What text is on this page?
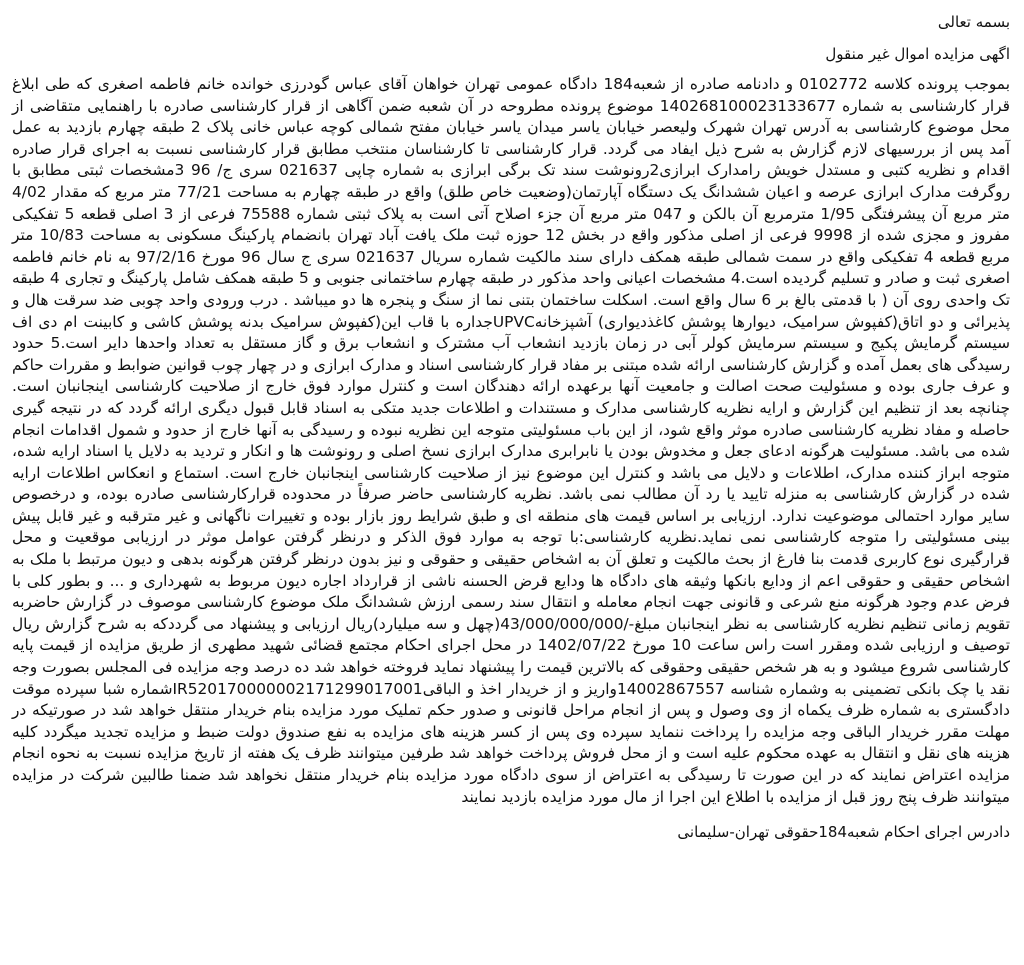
بسمه تعالی

اگهی مزایده اموال غیر منقول

بموجب پرونده کلاسه 0102772 و دادنامه صادره از شعبه184 دادگاه عمومی تهران خواهان آقای عباس گودرزی خوانده خانم فاطمه اصغری که طی ابلاغ قرار کارشناسی به شماره 140268100023133677 موضوع پرونده مطروحه در آن شعبه ضمن آگاهی از قرار کارشناسی صادره با راهنمایی متقاضی از محل موضوع کارشناسی به آدرس تهران شهرک ولیعصر خیابان یاسر میدان یاسر خیابان مفتح شمالی کوچه عباس خانی پلاک 2 طبقه چهارم بازدید به عمل آمد پس از بررسیهای لازم گزارش به شرح ذیل ایفاد می گردد. قرار کارشناسی تا کارشناسان منتخب مطابق قرار کارشناسی نسبت به اجرای قرار صادره اقدام و نظریه کتبی و مستدل خویش رامدارک ابرازی2رونوشت سند تک برگی ابرازی به شماره چاپی 021637 سری ج/ 96 3مشخصات ثبتی مطابق با روگرفت مدارک ابرازی عرصه و اعیان ششدانگ یک دستگاه آپارتمان(وضعیت خاص طلق) واقع در طبقه چهارم به مساحت 77/21 متر مربع که مقدار 4/02 متر مربع آن پیشرفتگی 1/95 مترمربع آن بالکن و 047 متر مربع آن جزء اصلاح آتی است به پلاک ثبتی شماره 75588 فرعی از 3 اصلی قطعه 5 تفکیکی مفروز و مجزی شده از 9998 فرعی از اصلی مذکور واقع در بخش 12 حوزه ثبت ملک یافت آباد تهران بانضمام پارکینگ مسکونی به مساحت 10/83 متر مربع قطعه 4 تفکیکی واقع در سمت شمالی طبقه همکف دارای سند مالکیت شماره سریال 021637 سری ج سال 96 مورخ 97/2/16 به نام خانم فاطمه اصغری ثبت و صادر و تسلیم گردیده است.4 مشخصات اعیانی واحد مذکور در طبقه چهارم ساختمانی جنوبی و 5 طبقه همکف شامل پارکینگ و تجاری 4 طبقه تک واحدی روی آن ( با قدمتی بالغ بر 6 سال واقع است. اسکلت ساختمان بتنی نما از سنگ و پنجره ها دو میباشد . درب ورودی واحد چوبی ضد سرقت هال و پذیرائی و دو اتاق(کفپوش سرامیک، دیوارها پوشش کاغذدیواری) آشپزخانهUPVCجداره با قاب این(کفپوش سرامیک بدنه پوشش کاشی و کابینت ام دی اف سیستم گرمایش پکیج و سیستم سرمایش کولر آبی در زمان بازدید انشعاب آب مشترک و انشعاب برق و گاز مستقل به تعداد واحدها دایر است.5 حدود رسیدگی های بعمل آمده و گزارش کارشناسی ارائه شده مبتنی بر مفاد قرار کارشناسی اسناد و مدارک ابرازی و در چهار چوب قوانین ضوابط و مقررات حاکم و عرف جاری بوده و مسئولیت صحت اصالت و جامعیت آنها برعهده ارائه دهندگان است و کنترل موارد فوق خارج از صلاحیت کارشناسی اینجانبان است. چنانچه بعد از تنظیم این گزارش و ارایه نظریه کارشناسی مدارک و مستندات و اطلاعات جدید متکی به اسناد قابل قبول دیگری ارائه گردد که در نتیجه گیری حاصله و مفاد نظریه کارشناسی صادره موثر واقع شود، از این باب مسئولیتی متوجه این نظریه نبوده و رسیدگی به آنها خارج از حدود و شمول اقدامات انجام شده می باشد. مسئولیت هرگونه ادعای جعل و مخدوش بودن یا نابرابری مدارک ابرازی نسخ اصلی و رونوشت ها و انکار و تردید به دلایل یا اسناد ارایه شده، متوجه ابراز کننده مدارک، اطلاعات و دلایل می باشد و کنترل این موضوع نیز از صلاحیت کارشناسی اینجانبان خارج است. استماع و انعکاس اطلاعات ارایه شده در گزارش کارشناسی به منزله تایید یا رد آن مطالب نمی باشد. نظریه کارشناسی حاضر صرفاً در محدوده قرارکارشناسی صادره بوده، و درخصوص سایر موارد احتمالی موضوعیت ندارد. ارزیابی بر اساس قیمت های منطقه ای و طبق شرایط روز بازار بوده و تغییرات ناگهانی و غیر مترقبه و غیر قابل پیش بینی مسئولیتی را متوجه کارشناسی نمی نماید.نظریه کارشناسی:با توجه به موارد فوق الذکر و درنظر گرفتن عوامل موثر در ارزیابی موقعیت و محل قرارگیری نوع کاربری قدمت بنا فارغ از بحث مالکیت و تعلق آن به اشخاص حقیقی و حقوقی و نیز بدون درنظر گرفتن هرگونه بدهی و دیون مرتبط با ملک به اشخاص حقیقی و حقوقی اعم از ودایع بانکها وثیقه های دادگاه ها ودایع قرض الحسنه ناشی از قرارداد اجاره دیون مربوط به شهرداری و ... و بطور کلی با فرض عدم وجود هرگونه منع شرعی و قانونی جهت انجام معامله و انتقال سند رسمی ارزش ششدانگ ملک موضوع کارشناسی موصوف در گزارش حاضربه تقویم زمانی تنظیم نظریه کارشناسی به نظر اینجانبان مبلغ-/43/000/000/000(چهل و سه میلیارد)ریال ارزیابی و پیشنهاد می گرددکه به شرح گزارش ریال توصیف و ارزیابی شده ومقرر است راس ساعت 10 مورخ 1402/07/22 در محل اجرای احکام مجتمع قضائی شهید مطهری از طریق مزایده از قیمت پایه کارشناسی شروع میشود و به هر شخص حقیقی وحقوقی که بالاترین قیمت را پیشنهاد نماید فروخته خواهد شد ده درصد وجه مزایده فی المجلس بصورت وجه نقد یا چک بانکی تضمینی به وشماره شناسه 14002867557واریز و از خریدار اخذ و الباقیIR520170000002171299017001شماره شبا سپرده موقت دادگستری به شماره ظرف یکماه از وی وصول و پس از انجام مراحل قانونی و صدور حکم تملیک مورد مزایده بنام خریدار منتقل خواهد شد در صورتیکه در مهلت مقرر خریدار الباقی وجه مزایده را پرداخت ننماید سپرده وی پس از کسر هزینه های مزایده به نفع صندوق دولت ضبط و مزایده تجدید میگردد کلیه هزینه های نقل و انتقال به عهده محکوم علیه است و از محل فروش پرداخت خواهد شد طرفین میتوانند ظرف یک هفته از تاریخ مزایده نسبت به نحوه انجام مزایده اعتراض نمایند که در این صورت تا رسیدگی به اعتراض از سوی دادگاه مورد مزایده بنام خریدار منتقل نخواهد شد ضمنا طالبین شرکت در مزایده میتوانند ظرف پنج روز قبل از مزایده با اطلاع این اجرا از مال مورد مزایده بازدید نمایند

دادرس اجرای احکام شعبه184حقوقی تهران-سلیمانی
